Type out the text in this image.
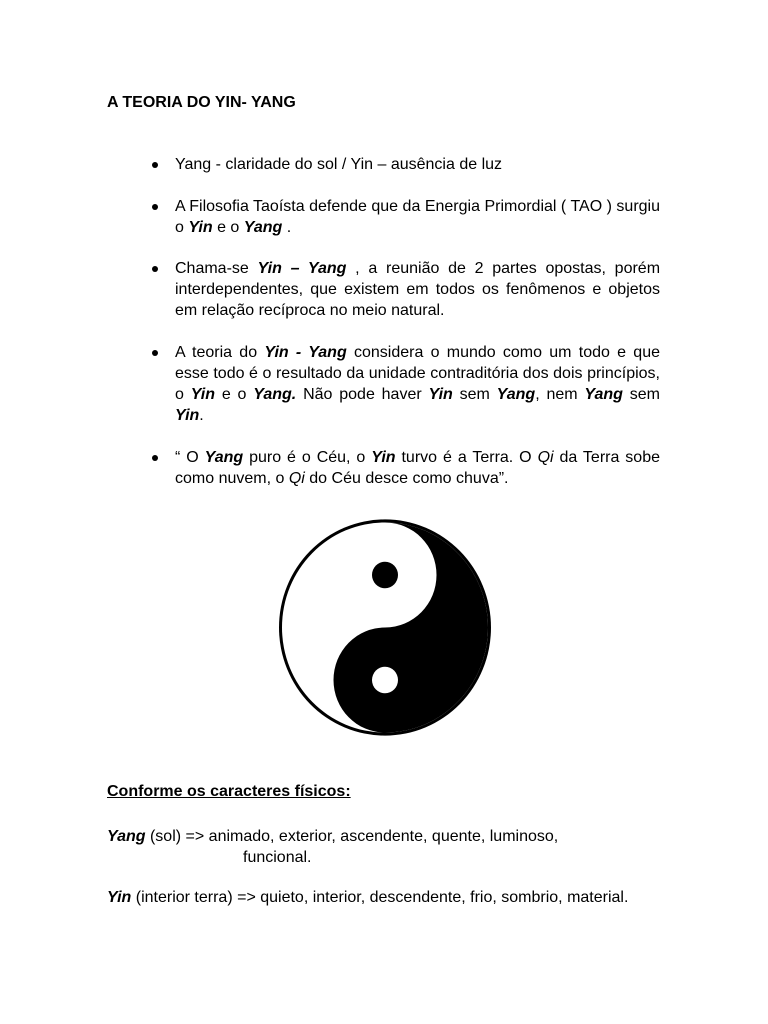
A TEORIA DO YIN- YANG
Yang - claridade do sol / Yin – ausência de luz
A Filosofia Taoísta defende que da Energia Primordial ( TAO ) surgiu o Yin e o Yang .
Chama-se Yin – Yang , a reunião de 2 partes opostas, porém interdependentes, que existem em todos os fenômenos e objetos em relação recíproca no meio natural.
A teoria do Yin - Yang considera o mundo como um todo e que esse todo é o resultado da unidade contraditória dos dois princípios, o Yin e o Yang. Não pode haver Yin sem Yang, nem Yang sem Yin.
“ O Yang puro é o Céu, o Yin turvo é a Terra. O Qi da Terra sobe como nuvem, o Qi do Céu desce como chuva”.
Conforme os caracteres físicos:
Yang (sol) => animado, exterior, ascendente, quente, luminoso,
funcional.
Yin (interior terra) => quieto, interior, descendente, frio, sombrio, material.
